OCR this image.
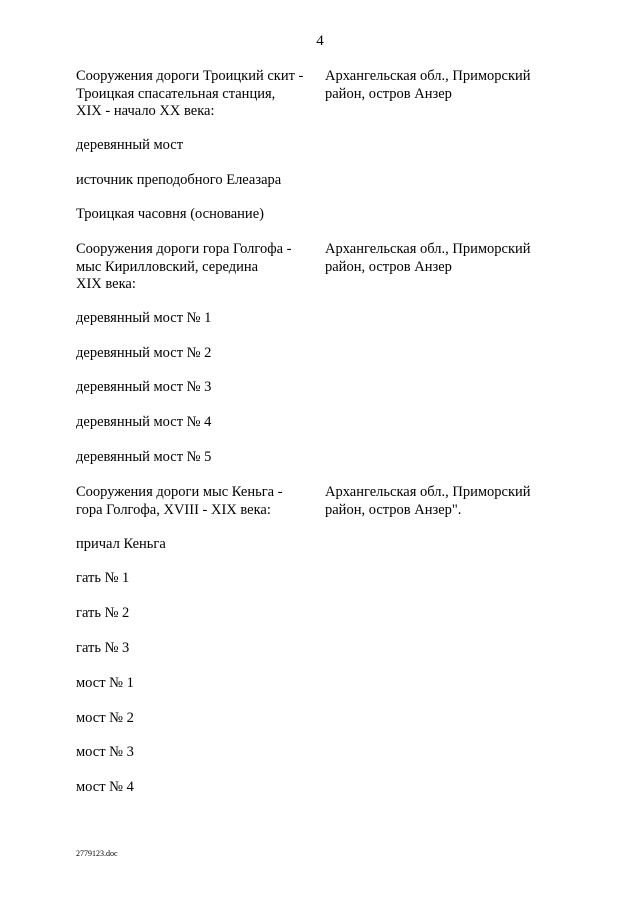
4
Сооружения дороги Троицкий скит -
Троицкая спасательная станция,
XIX - начало XX века:
Архангельская обл., Приморский
район, остров Анзер
деревянный мост
источник преподобного Елеазара
Троицкая часовня (основание)
Сооружения дороги гора Голгофа -
мыс Кирилловский, середина
XIX века:
Архангельская обл., Приморский
район, остров Анзер
деревянный мост № 1
деревянный мост № 2
деревянный мост № 3
деревянный мост № 4
деревянный мост № 5
Сооружения дороги мыс Кеньга -
гора Голгофа, XVIII - XIX века:
Архангельская обл., Приморский
район, остров Анзер".
причал Кеньга
гать № 1
гать № 2
гать № 3
мост № 1
мост № 2
мост № 3
мост № 4
2779123.doc
